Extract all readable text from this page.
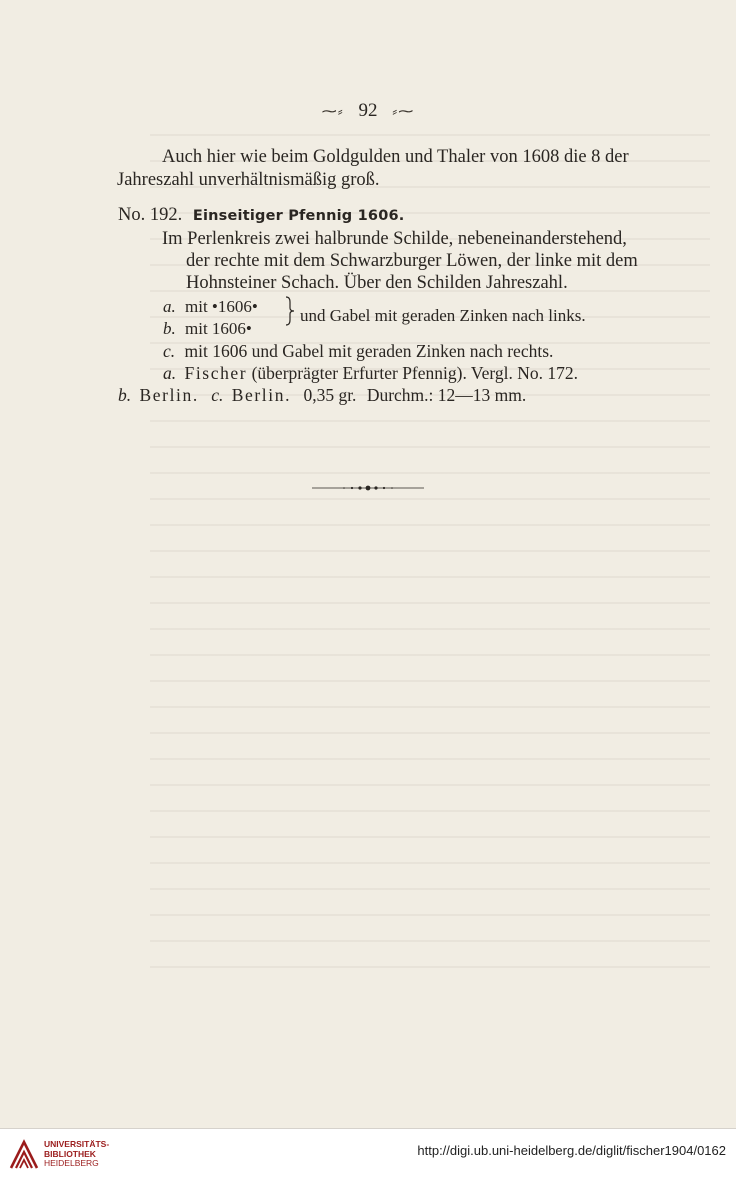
⁓⸗ 92 ⸗⁓
Auch hier wie beim Goldgulden und Thaler von 1608 die 8 der
Jahreszahl unverhältnismäßig groß.
No. 192. Einseitiger Pfennig 1606.
Im Perlenkreis zwei halbrunde Schilde, nebeneinanderstehend,
der rechte mit dem Schwarzburger Löwen, der linke mit dem
Hohnsteiner Schach. Über den Schilden Jahreszahl.
a. mit •1606•
b. mit 1606•
und Gabel mit geraden Zinken nach links.
c. mit 1606 und Gabel mit geraden Zinken nach rechts.
a. Fischer (überprägter Erfurter Pfennig). Vergl. No. 172.
b. Berlin. c. Berlin. 0,35 gr. Durchm.: 12—13 mm.
UNIVERSITÄTS-
BIBLIOTHEK
HEIDELBERG
http://digi.ub.uni-heidelberg.de/diglit/fischer1904/0162
